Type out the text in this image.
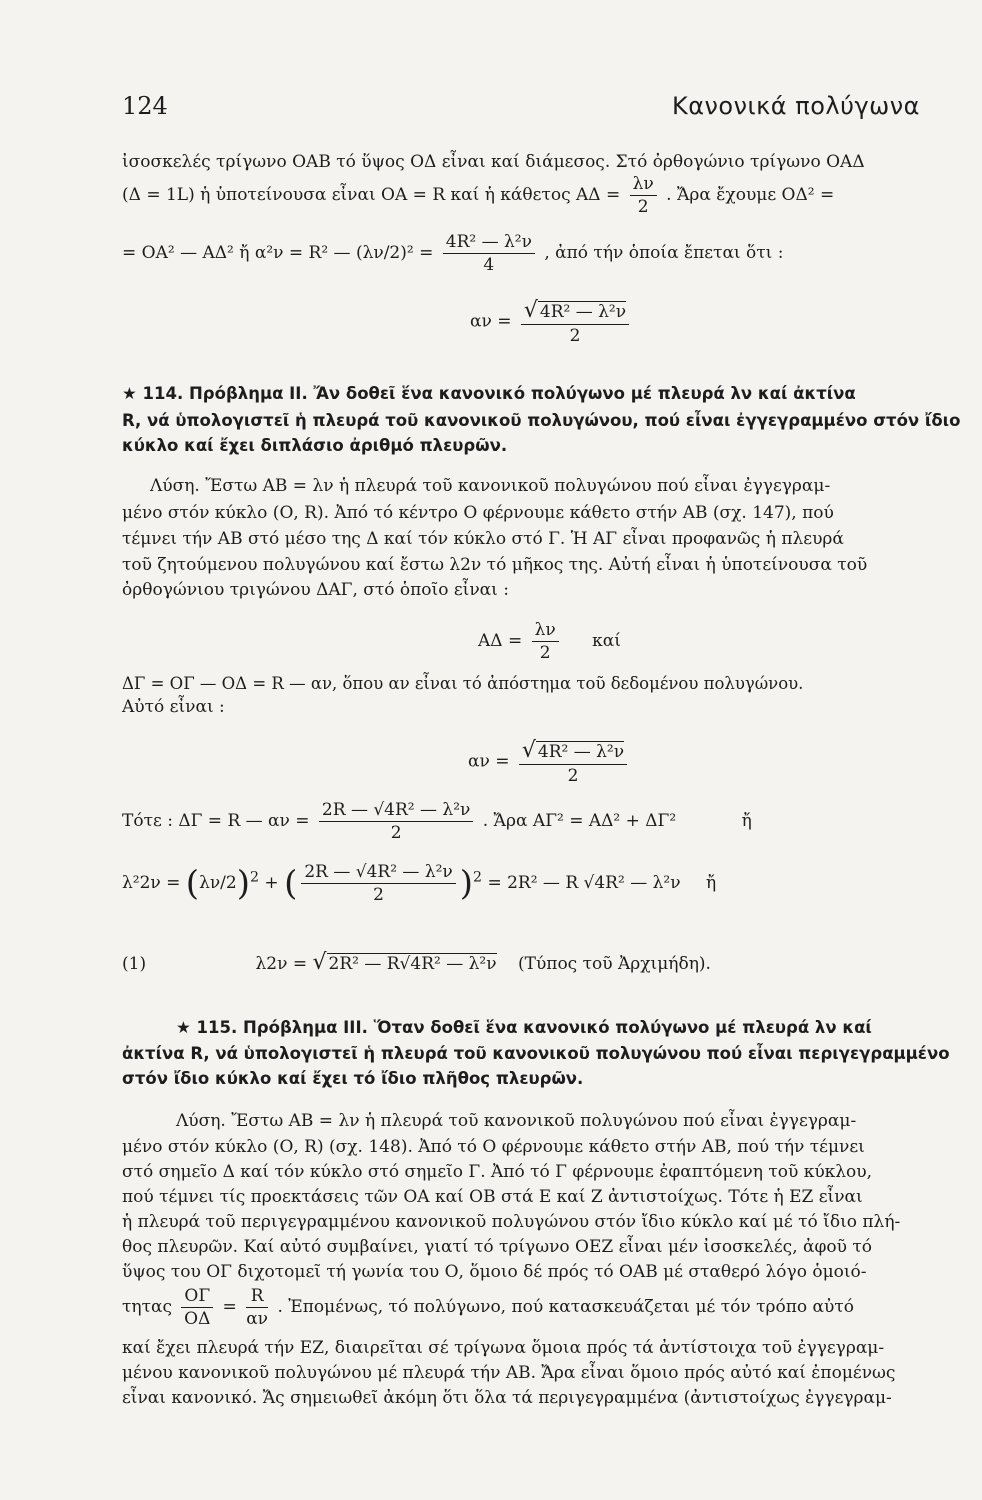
124	Κανονικά πολύγωνα
ἰσοσκελές τρίγωνο ΟΑΒ τό ὕψος ΟΔ εἶναι καί διάμεσος. Στό ὀρθογώνιο τρίγωνο ΟΑΔ
(Δ = 1L) ἡ ὑποτείνουσα εἶναι ΟΑ = R καί ἡ κάθετος $A\Delta = \frac{\lambda\nu}{2}$ . Ἄρα ἔχουμε ΟΔ² =
= ΟΑ² — ΑΔ² ἤ α²ν = R² — $(\lambda\nu/2)^2 = \frac{\text{4R² — λ²ν}}{4}$ , ἀπό τήν ὁποία ἔπεται ὅτι :
$\alpha\nu = \frac{\text{√ 4R² — λ²ν}}{2}$
★ 114. Πρόβλημα ΙΙ. Ἄν δοθεῖ ἕνα κανονικό πολύγωνο μέ πλευρά λν καί ἀκτίνα
R, νά ὑπολογιστεῖ ἡ πλευρά τοῦ κανονικοῦ πολυγώνου, πού εἶναι ἐγγεγραμμένο στόν ἴδιο
κύκλο καί ἔχει διπλάσιο ἀριθμό πλευρῶν.
Λύση. Ἔστω ΑΒ = λν ἡ πλευρά τοῦ κανονικοῦ πολυγώνου πού εἶναι ἐγγεγραμ-
μένο στόν κύκλο (Ο, R). Ἀπό τό κέντρο Ο φέρνουμε κάθετο στήν ΑΒ (σχ. 147), πού
τέμνει τήν ΑΒ στό μέσο της Δ καί τόν κύκλο στό Γ. Ἡ ΑΓ εἶναι προφανῶς ἡ πλευρά
τοῦ ζητούμενου πολυγώνου καί ἔστω λ2ν τό μῆκος της. Αὐτή εἶναι ἡ ὑποτείνουσα τοῦ
ὀρθογώνιου τριγώνου ΔΑΓ, στό ὁποῖο εἶναι :
$A\Delta = \frac{\lambda\nu}{2}$ καί
ΔΓ = ΟΓ — ΟΔ = R — αν, ὅπου αν εἶναι τό ἀπόστημα τοῦ δεδομένου πολυγώνου.
Αὐτό εἶναι :
$\alpha\nu = \frac{\text{√ 4R² — λ²ν}}{2}$
Τότε : ΔΓ = R — $\alpha\nu = \frac{\text{2R — √4R² — λ²ν}}{2}$ . Ἄρα ΑΓ² = ΑΔ² + ΔΓ²	ἤ
$\lambda^22\nu = (\lambda\nu/2)^2$ + ( $\frac{\text{2R — √4R² — λ²ν}}{2} )^2 = 2R^2$ — R √4R² — λ²ν ἤ
(1)	λ2ν = √ 2R² — R√4R² — λ²ν (Τύπος τοῦ Ἀρχιμήδη).
★ 115. Πρόβλημα ΙΙΙ. Ὅταν δοθεῖ ἕνα κανονικό πολύγωνο μέ πλευρά λν καί
ἀκτίνα R, νά ὑπολογιστεῖ ἡ πλευρά τοῦ κανονικοῦ πολυγώνου πού εἶναι περιγεγραμμένο
στόν ἴδιο κύκλο καί ἔχει τό ἴδιο πλῆθος πλευρῶν.
Λύση. Ἔστω ΑΒ = λν ἡ πλευρά τοῦ κανονικοῦ πολυγώνου πού εἶναι ἐγγεγραμ-
μένο στόν κύκλο (Ο, R) (σχ. 148). Ἀπό τό Ο φέρνουμε κάθετο στήν ΑΒ, πού τήν τέμνει
στό σημεῖο Δ καί τόν κύκλο στό σημεῖο Γ. Ἀπό τό Γ φέρνουμε ἐφαπτόμενη τοῦ κύκλου,
πού τέμνει τίς προεκτάσεις τῶν ΟΑ καί ΟΒ στά Ε καί Ζ ἀντιστοίχως. Τότε ἡ ΕΖ εἶναι
ἡ πλευρά τοῦ περιγεγραμμένου κανονικοῦ πολυγώνου στόν ἴδιο κύκλο καί μέ τό ἴδιο πλή-
θος πλευρῶν. Καί αὐτό συμβαίνει, γιατί τό τρίγωνο ΟΕΖ εἶναι μέν ἰσοσκελές, ἀφοῦ τό
ὕψος του ΟΓ διχοτομεῖ τή γωνία του Ο, ὅμοιο δέ πρός τό ΟΑΒ μέ σταθερό λόγο ὁμοιό-
τητας $\frac{O\Gamma}{O\Delta} = \frac{R}{\alpha\nu}$ . Ἐπομένως, τό πολύγωνο, πού κατασκευάζεται μέ τόν τρόπο αὐτό
καί ἔχει πλευρά τήν ΕΖ, διαιρεῖται σέ τρίγωνα ὅμοια πρός τά ἀντίστοιχα τοῦ ἐγγεγραμ-
μένου κανονικοῦ πολυγώνου μέ πλευρά τήν ΑΒ. Ἄρα εἶναι ὅμοιο πρός αὐτό καί ἐπομένως
εἶναι κανονικό. Ἄς σημειωθεῖ ἀκόμη ὅτι ὅλα τά περιγεγραμμένα (ἀντιστοίχως ἐγγεγραμ-
